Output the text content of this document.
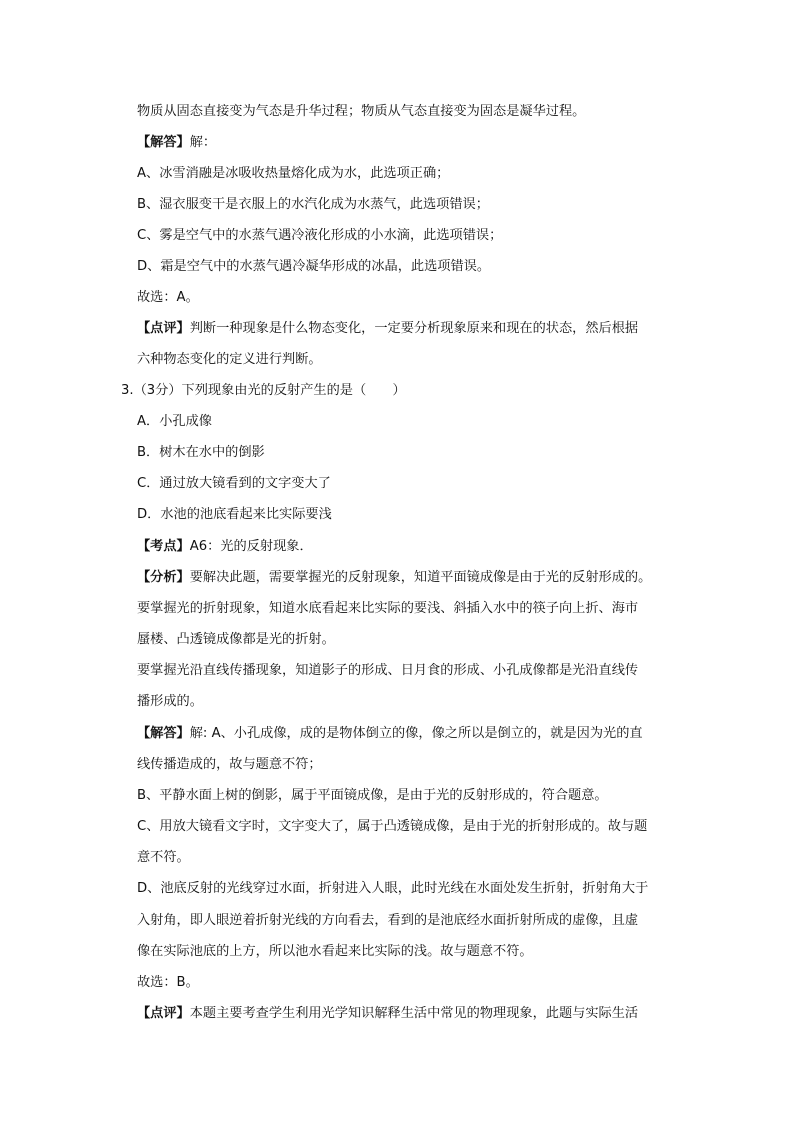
物质从固态直接变为气态是升华过程；物质从气态直接变为固态是凝华过程。
【解答】解：
A、冰雪消融是冰吸收热量熔化成为水，此选项正确；
B、湿衣服变干是衣服上的水汽化成为水蒸气，此选项错误；
C、雾是空气中的水蒸气遇冷液化形成的小水滴，此选项错误；
D、霜是空气中的水蒸气遇冷凝华形成的冰晶，此选项错误。
故选：A。
【点评】判断一种现象是什么物态变化，一定要分析现象原来和现在的状态，然后根据
六种物态变化的定义进行判断。
3.（3分）下列现象由光的反射产生的是（　　）
A．小孔成像
B．树木在水中的倒影
C．通过放大镜看到的文字变大了
D．水池的池底看起来比实际要浅
【考点】A6：光的反射现象．
【分析】要解决此题，需要掌握光的反射现象，知道平面镜成像是由于光的反射形成的。
要掌握光的折射现象，知道水底看起来比实际的要浅、斜插入水中的筷子向上折、海市
蜃楼、凸透镜成像都是光的折射。
要掌握光沿直线传播现象，知道影子的形成、日月食的形成、小孔成像都是光沿直线传
播形成的。
【解答】解: A、小孔成像，成的是物体倒立的像，像之所以是倒立的，就是因为光的直
线传播造成的，故与题意不符；
B、平静水面上树的倒影，属于平面镜成像，是由于光的反射形成的，符合题意。
C、用放大镜看文字时，文字变大了，属于凸透镜成像，是由于光的折射形成的。故与题
意不符。
D、池底反射的光线穿过水面，折射进入人眼，此时光线在水面处发生折射，折射角大于
入射角，即人眼逆着折射光线的方向看去，看到的是池底经水面折射所成的虚像，且虚
像在实际池底的上方，所以池水看起来比实际的浅。故与题意不符。
故选：B。
【点评】本题主要考查学生利用光学知识解释生活中常见的物理现象，此题与实际生活
